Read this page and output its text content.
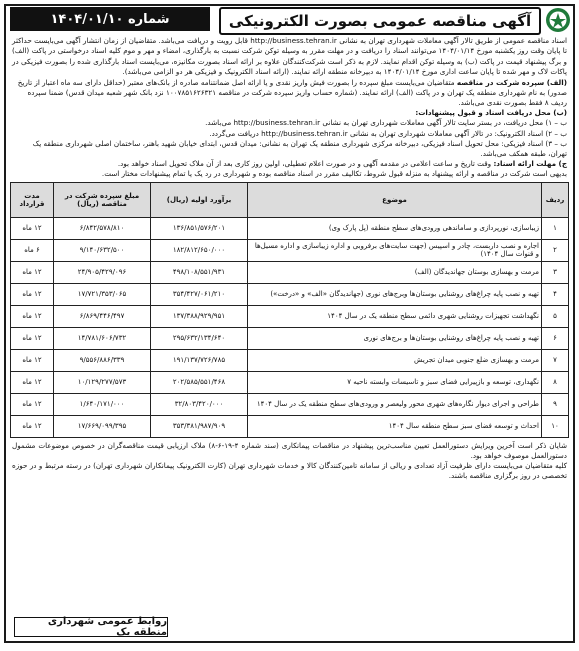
آگهی مناقصه عمومی بصورت الکترونیکی
شماره ۱۴۰۴/۰۱/۱۰
اسناد مناقصه عمومی از طریق تالار آگهی معاملات شهرداری تهران به نشانی http://business.tehran.ir قابل رویت و دریافت می‌باشد. متقاضیان از زمان انتشار آگهی می‌بایست حداکثر تا پایان وقت روز یکشنبه مورخ ۱۴۰۴/۰۱/۱۴ می‌توانند اسناد را دریافت و در مهلت مقرر به وسیله توکن شرکت نسبت به بارگذاری، امضاء و مهر و موم کلیه اسناد درخواستی در پاکت (الف) و برگ پیشنهاد قیمت در پاکت (ب) به وسیله توکن اقدام نمایند. لازم به ذکر است شرکت‌کنندگان علاوه بر ارائه اسناد بصورت مکانیزه، می‌بایست اسناد بارگذاری شده را بصورت فیزیکی در پاکات لاک و مهر شده تا پایان ساعت اداری مورخ ۱۴۰۴/۰۱/۱۴ به دبیرخانه منطقه ارائه نمایند. (ارائه اسناد الکترونیک و فیزیکی هر دو الزامی می‌باشد).
(الف) سپرده شرکت در مناقصه متقاضیان می‌بایست مبلغ سپرده را بصورت فیش واریز نقدی و یا ارائه اصل ضمانتنامه صادره از بانک‌های معتبر (حداقل دارای سه ماه اعتبار از تاریخ صدور) به نام شهرداری منطقه یک تهران و در پاکت (الف) ارائه نمایند. (شماره حساب واریز سپرده شرکت در مناقصه ۱۰۰۷۸۵۱۶۲۶۳۲۱ نزد بانک شهر شعبه میدان قدس) ضمنا سپرده ردیف ۸ فقط بصورت نقدی می‌باشد.
(ب) محل دریافت اسناد و قبول پیشنهادات:
ب – ۱) محل دریافت، در بستر سایت تالار آگهی معاملات شهرداری تهران به نشانی http://business.tehran.ir می‌باشد.
ب – ۲) اسناد الکترونیک: در تالار آگهی معاملات شهرداری تهران به نشانی http://business.tehran.ir دریافت می‌گردد.
ب – ۳) اسناد فیزیکی: محل تحویل اسناد فیزیکی، دبیرخانه مرکزی شهرداری منطقه یک تهران به نشانی: میدان قدس، ابتدای خیابان شهید باهنر، ساختمان اصلی شهرداری منطقه یک تهران، طبقه همکف می‌باشد.
ج) مهلت ارائه اسناد: وقت تاریخ و ساعت اعلامی در مقدمه آگهی و در صورت اعلام تعطیلی، اولین روز کاری بعد از آن ملاک تحویل اسناد خواهد بود.
بدیهی است شرکت در مناقصه و ارائه پیشنهاد به منزله قبول شروط، تکالیف مقرر در اسناد مناقصه بوده و شهرداری در رد یک یا تمام پیشنهادات مختار است.
ردیف	موضوع	برآورد اولیه (ریال)	مبلغ سپرده شرکت در مناقصه (ریال)	مدت قرارداد
۱	زیباسازی، نورپردازی و ساماندهی ورودی‌های سطح منطقه (پل پارک وی)	۱۳۶/۸۵۱/۵۷۶/۲۰۱	۶/۸۴۲/۵۷۸/۸۱۰	۱۲ ماه
۲	اجاره و نصب داربست، چادر و اسپیس (جهت سایت‌های برفروبی و اداره زیباسازی و اداره مسیل‌ها و قنوات سال ۱۴۰۴)	۱۸۲/۸۱۲/۶۵۰/۰۰۰	۹/۱۴۰/۶۳۲/۵۰۰	۶ ماه
۳	مرمت و بهسازی بوستان جهاندیدگان (الف)	۴۹۸/۱۰۸/۵۵۱/۹۳۱	۲۴/۹۰۵/۴۲۹/۰۹۶	۱۲ ماه
۴	تهیه و نصب پایه چراغ‌های روشنایی بوستان‌ها وبرج‌های نوری (جهاندیدگان «الف» و «درخت»)	۳۵۴/۴۲۷/۰۶۱/۲۱۰	۱۷/۷۲۱/۳۵۳/۰۶۵	۱۲ ماه
۵	نگهداشت تجهیزات روشنایی شهری دائمی سطح منطقه یک در سال ۱۴۰۴	۱۳۷/۳۸۸/۹۲۹/۹۵۱	۶/۸۶۹/۴۴۶/۴۹۷	۱۲ ماه
۶	تهیه و نصب پایه چراغ‌های روشنایی بوستان‌ها و برج‌های نوری	۲۹۵/۶۳۲/۱۳۴/۶۴۰	۱۴/۷۸۱/۶۰۶/۷۳۲	۱۲ ماه
۷	مرمت و بهسازی ضلع جنوبی میدان تجریش	۱۹۱/۱۳۷/۷۲۶/۷۸۵	۹/۵۵۶/۸۸۶/۳۳۹	۱۲ ماه
۸	نگهداری، توسعه و بازپیرایی فضای سبز و تاسیسات وابسته ناحیه ۷	۲۰۲/۵۸۵/۵۵۱/۴۶۸	۱۰/۱۲۹/۲۷۷/۵۷۳	۱۲ ماه
۹	طراحی و اجرای دیوار نگاره‌های شهری محور ولیعصر و ورودی‌های سطح منطقه یک در سال ۱۴۰۴	۳۲/۸۰۳/۴۲۰/۰۰۰	۱/۶۴۰/۱۷۱/۰۰۰	۱۲ ماه
۱۰	احداث و توسعه فضای سبز سطح منطقه سال ۱۴۰۴	۳۵۳/۳۸۱/۹۸۷/۹۰۹	۱۷/۶۶۹/۰۹۹/۳۹۵	۱۲ ماه
شایان ذکر است آخرین ویرایش دستورالعمل تعیین مناسب‌ترین پیشنهاد در مناقصات پیمانکاری (سند شماره ۴-۱۹-۶-۸) ملاک ارزیابی قیمت مناقصه‌گران در خصوص موضوعات مشمول دستورالعمل موصوف خواهد بود.
کلیه متقاضیان می‌بایست دارای ظرفیت آزاد تعدادی و ریالی از سامانه تامین‌کنندگان کالا و خدمات شهرداری تهران (کارت الکترونیک پیمانکاران شهرداری تهران) در رسته مرتبط و در حوزه تخصصی در روز برگزاری مناقصه باشند.
روابط عمومی شهرداری منطقه یک
